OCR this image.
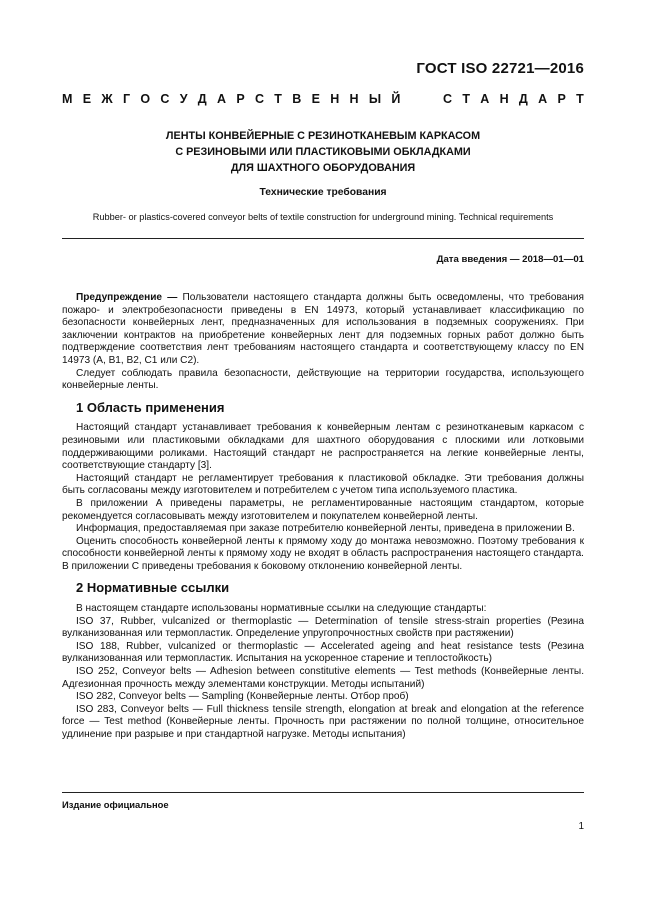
ГОСТ ISO 22721—2016
М Е Ж Г О С У Д А Р С Т В Е Н Н Ы Й	С Т А Н Д А Р Т
ЛЕНТЫ КОНВЕЙЕРНЫЕ С РЕЗИНОТКАНЕВЫМ КАРКАСОМ
С РЕЗИНОВЫМИ ИЛИ ПЛАСТИКОВЫМИ ОБКЛАДКАМИ
ДЛЯ ШАХТНОГО ОБОРУДОВАНИЯ
Технические требования
Rubber- or plastics-covered conveyor belts of textile construction for underground mining. Technical requirements
Дата введения — 2018—01—01

Предупреждение — Пользователи настоящего стандарта должны быть осведомлены, что требования пожаро- и электробезопасности приведены в EN 14973, который устанавливает классификацию по безопасности конвейерных лент, предназначенных для использования в подземных сооружениях. При заключении контрактов на приобретение конвейерных лент для подземных горных работ должно быть подтверждение соответствия лент требованиям настоящего стандарта и соответствующему классу по EN 14973 (A, B1, B2, C1 или C2).

Следует соблюдать правила безопасности, действующие на территории государства, использующего конвейерные ленты.

1 Область применения

Настоящий стандарт устанавливает требования к конвейерным лентам с резинотканевым каркасом с резиновыми или пластиковыми обкладками для шахтного оборудования с плоскими или лотковыми поддерживающими роликами. Настоящий стандарт не распространяется на легкие конвейерные ленты, соответствующие стандарту [3].

Настоящий стандарт не регламентирует требования к пластиковой обкладке. Эти требования должны быть согласованы между изготовителем и потребителем с учетом типа используемого пластика.

В приложении А приведены параметры, не регламентированные настоящим стандартом, которые рекомендуется согласовывать между изготовителем и покупателем конвейерной ленты.

Информация, предоставляемая при заказе потребителю конвейерной ленты, приведена в приложении В.

Оценить способность конвейерной ленты к прямому ходу до монтажа невозможно. Поэтому требования к способности конвейерной ленты к прямому ходу не входят в область распространения настоящего стандарта. В приложении С приведены требования к боковому отклонению конвейерной ленты.

2 Нормативные ссылки

В настоящем стандарте использованы нормативные ссылки на следующие стандарты:

ISO 37, Rubber, vulcanized or thermoplastic — Determination of tensile stress-strain properties (Резина вулканизованная или термопластик. Определение упругопрочностных свойств при растяжении)

ISO 188, Rubber, vulcanized or thermoplastic — Accelerated ageing and heat resistance tests (Резина вулканизованная или термопластик. Испытания на ускоренное старение и теплостойкость)

ISO 252, Conveyor belts — Adhesion between constitutive elements — Test methods (Конвейерные ленты. Адгезионная прочность между элементами конструкции. Методы испытаний)

ISO 282, Conveyor belts — Sampling (Конвейерные ленты. Отбор проб)

ISO 283, Conveyor belts — Full thickness tensile strength, elongation at break and elongation at the reference force — Test method (Конвейерные ленты. Прочность при растяжении по полной толщине, относительное удлинение при разрыве и при стандартной нагрузке. Методы испытания)

Издание официальное
1
